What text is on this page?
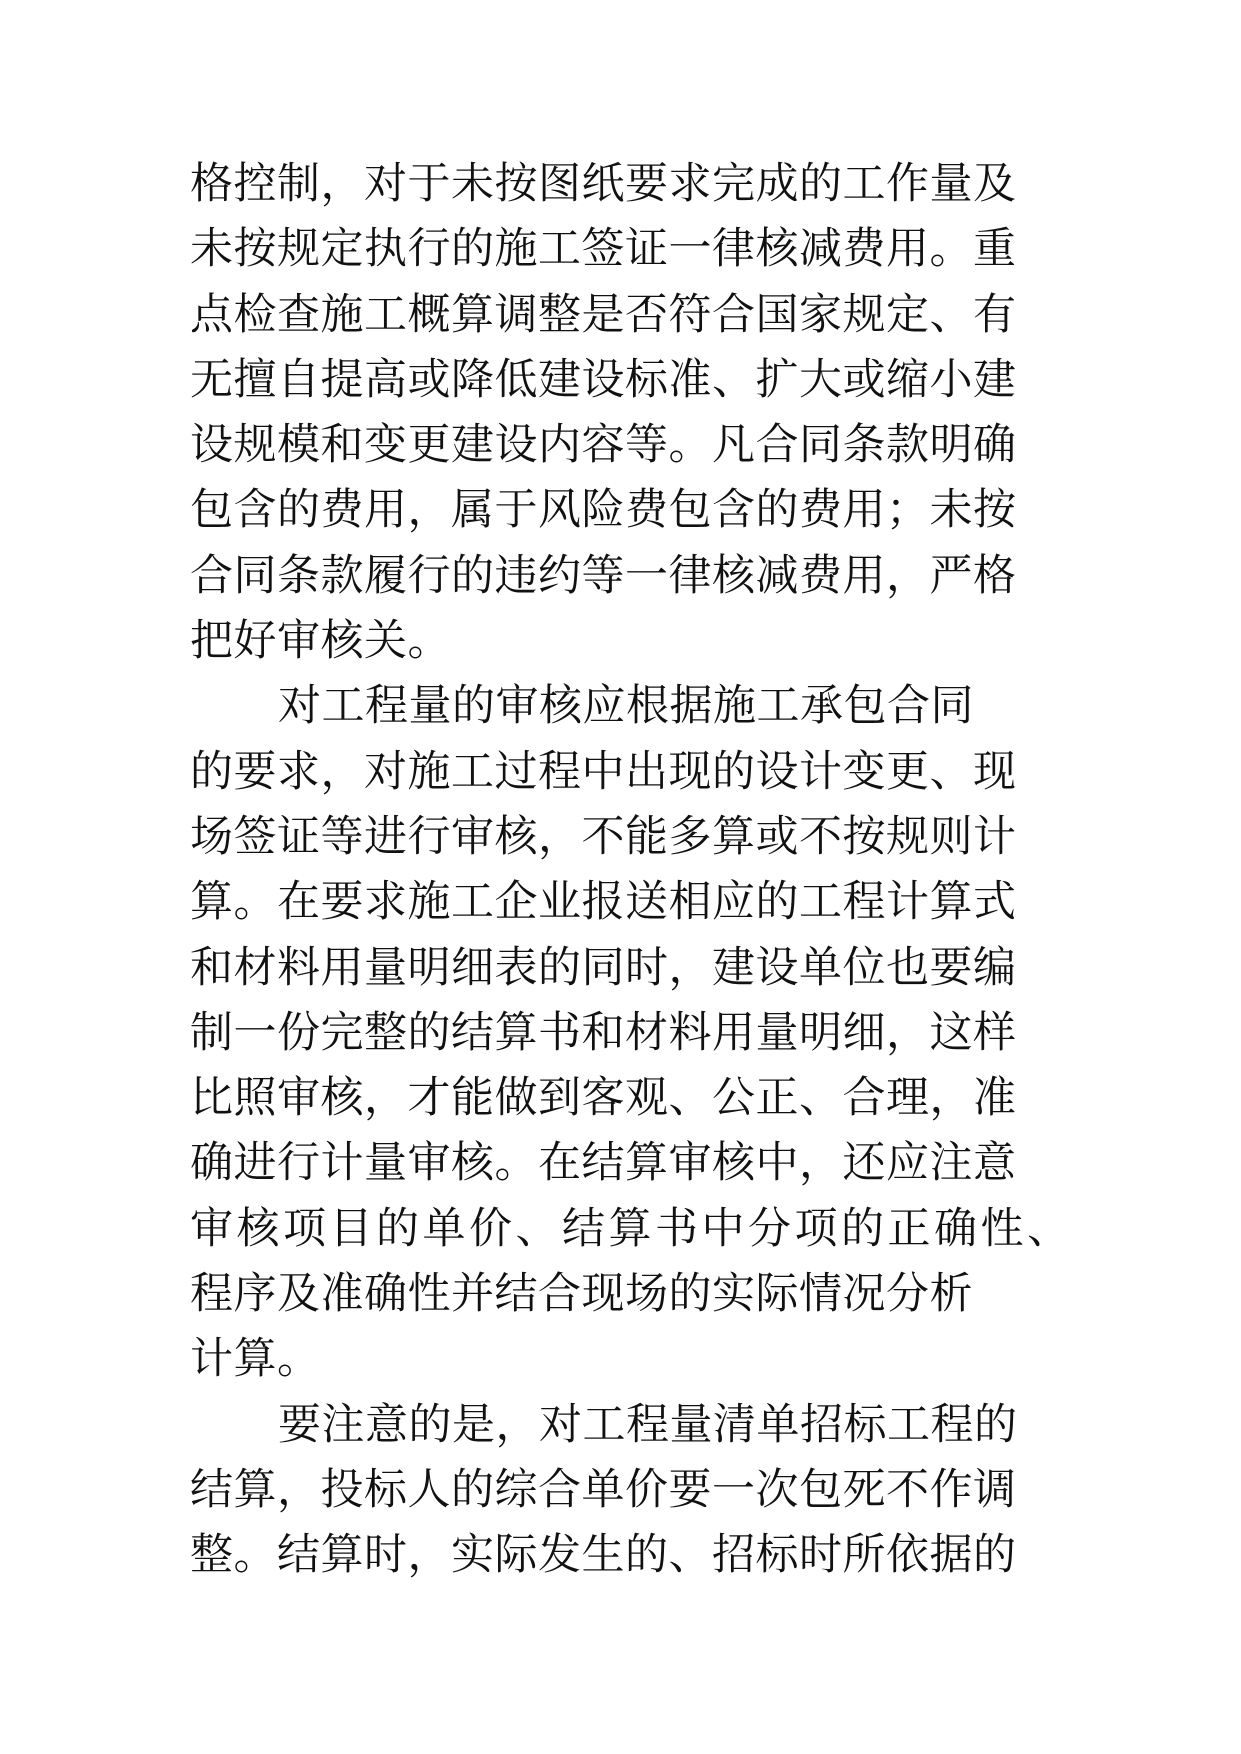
格控制，对于未按图纸要求完成的工作量及
未按规定执行的施工签证一律核减费用。重
点检查施工概算调整是否符合国家规定、有
无擅自提高或降低建设标准、扩大或缩小建
设规模和变更建设内容等。凡合同条款明确
包含的费用，属于风险费包含的费用；未按
合同条款履行的违约等一律核减费用，严格
把好审核关。
对工程量的审核应根据施工承包合同
的要求，对施工过程中出现的设计变更、现
场签证等进行审核，不能多算或不按规则计
算。在要求施工企业报送相应的工程计算式
和材料用量明细表的同时，建设单位也要编
制一份完整的结算书和材料用量明细，这样
比照审核，才能做到客观、公正、合理，准
确进行计量审核。在结算审核中，还应注意
审核项目的单价、结算书中分项的正确性、
程序及准确性并结合现场的实际情况分析
计算。
要注意的是，对工程量清单招标工程的
结算，投标人的综合单价要一次包死不作调
整。结算时，实际发生的、招标时所依据的
